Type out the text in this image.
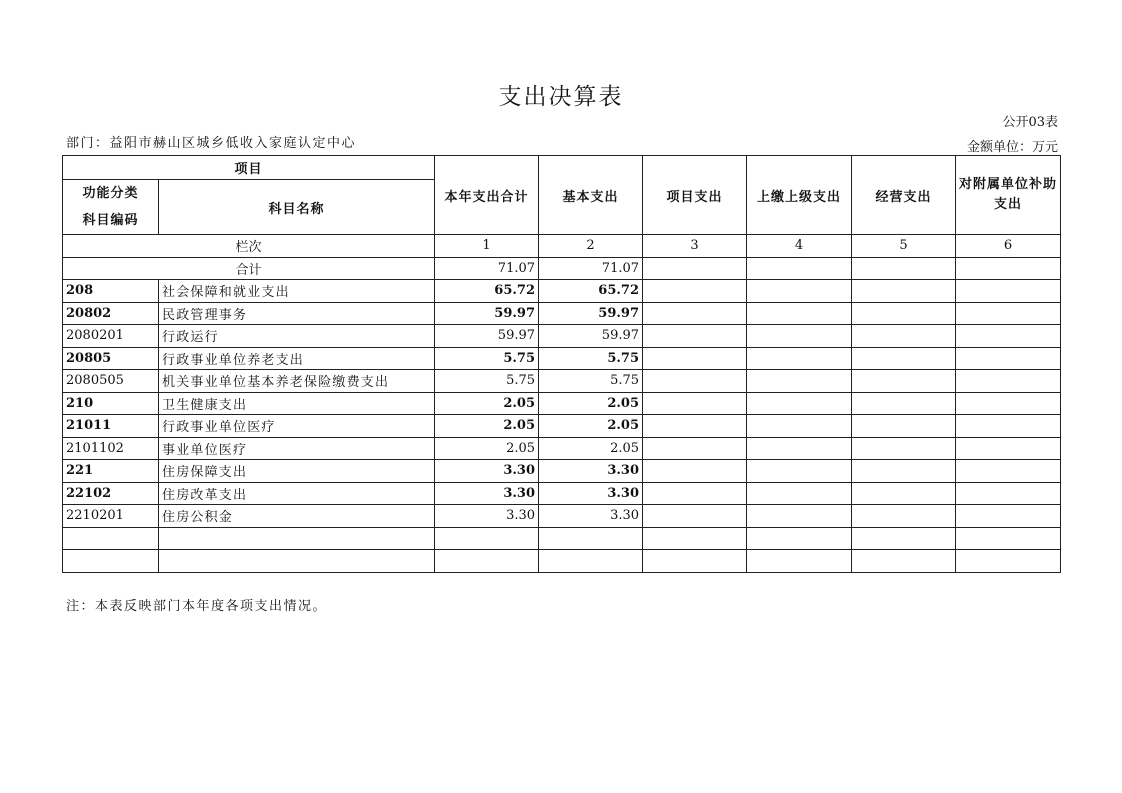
支出决算表
公开03表
部门：益阳市赫山区城乡低收入家庭认定中心	金额单位：万元
项目		本年支出合计	基本支出	项目支出	上缴上级支出	经营支出	对附属单位补助支出

功能分类
科目编码	科目名称						
栏次		1	2	3	4	5	6
合计		71.07	71.07				
208	社会保障和就业支出	65.72	65.72				
20802	民政管理事务	59.97	59.97				
2080201	行政运行	59.97	59.97				
20805	行政事业单位养老支出	5.75	5.75				
2080505	机关事业单位基本养老保险缴费支出	5.75	5.75				
210	卫生健康支出	2.05	2.05				
21011	行政事业单位医疗	2.05	2.05				
2101102	事业单位医疗	2.05	2.05				
221	住房保障支出	3.30	3.30				
22102	住房改革支出	3.30	3.30				
2210201	住房公积金	3.30	3.30				

注：本表反映部门本年度各项支出情况。
